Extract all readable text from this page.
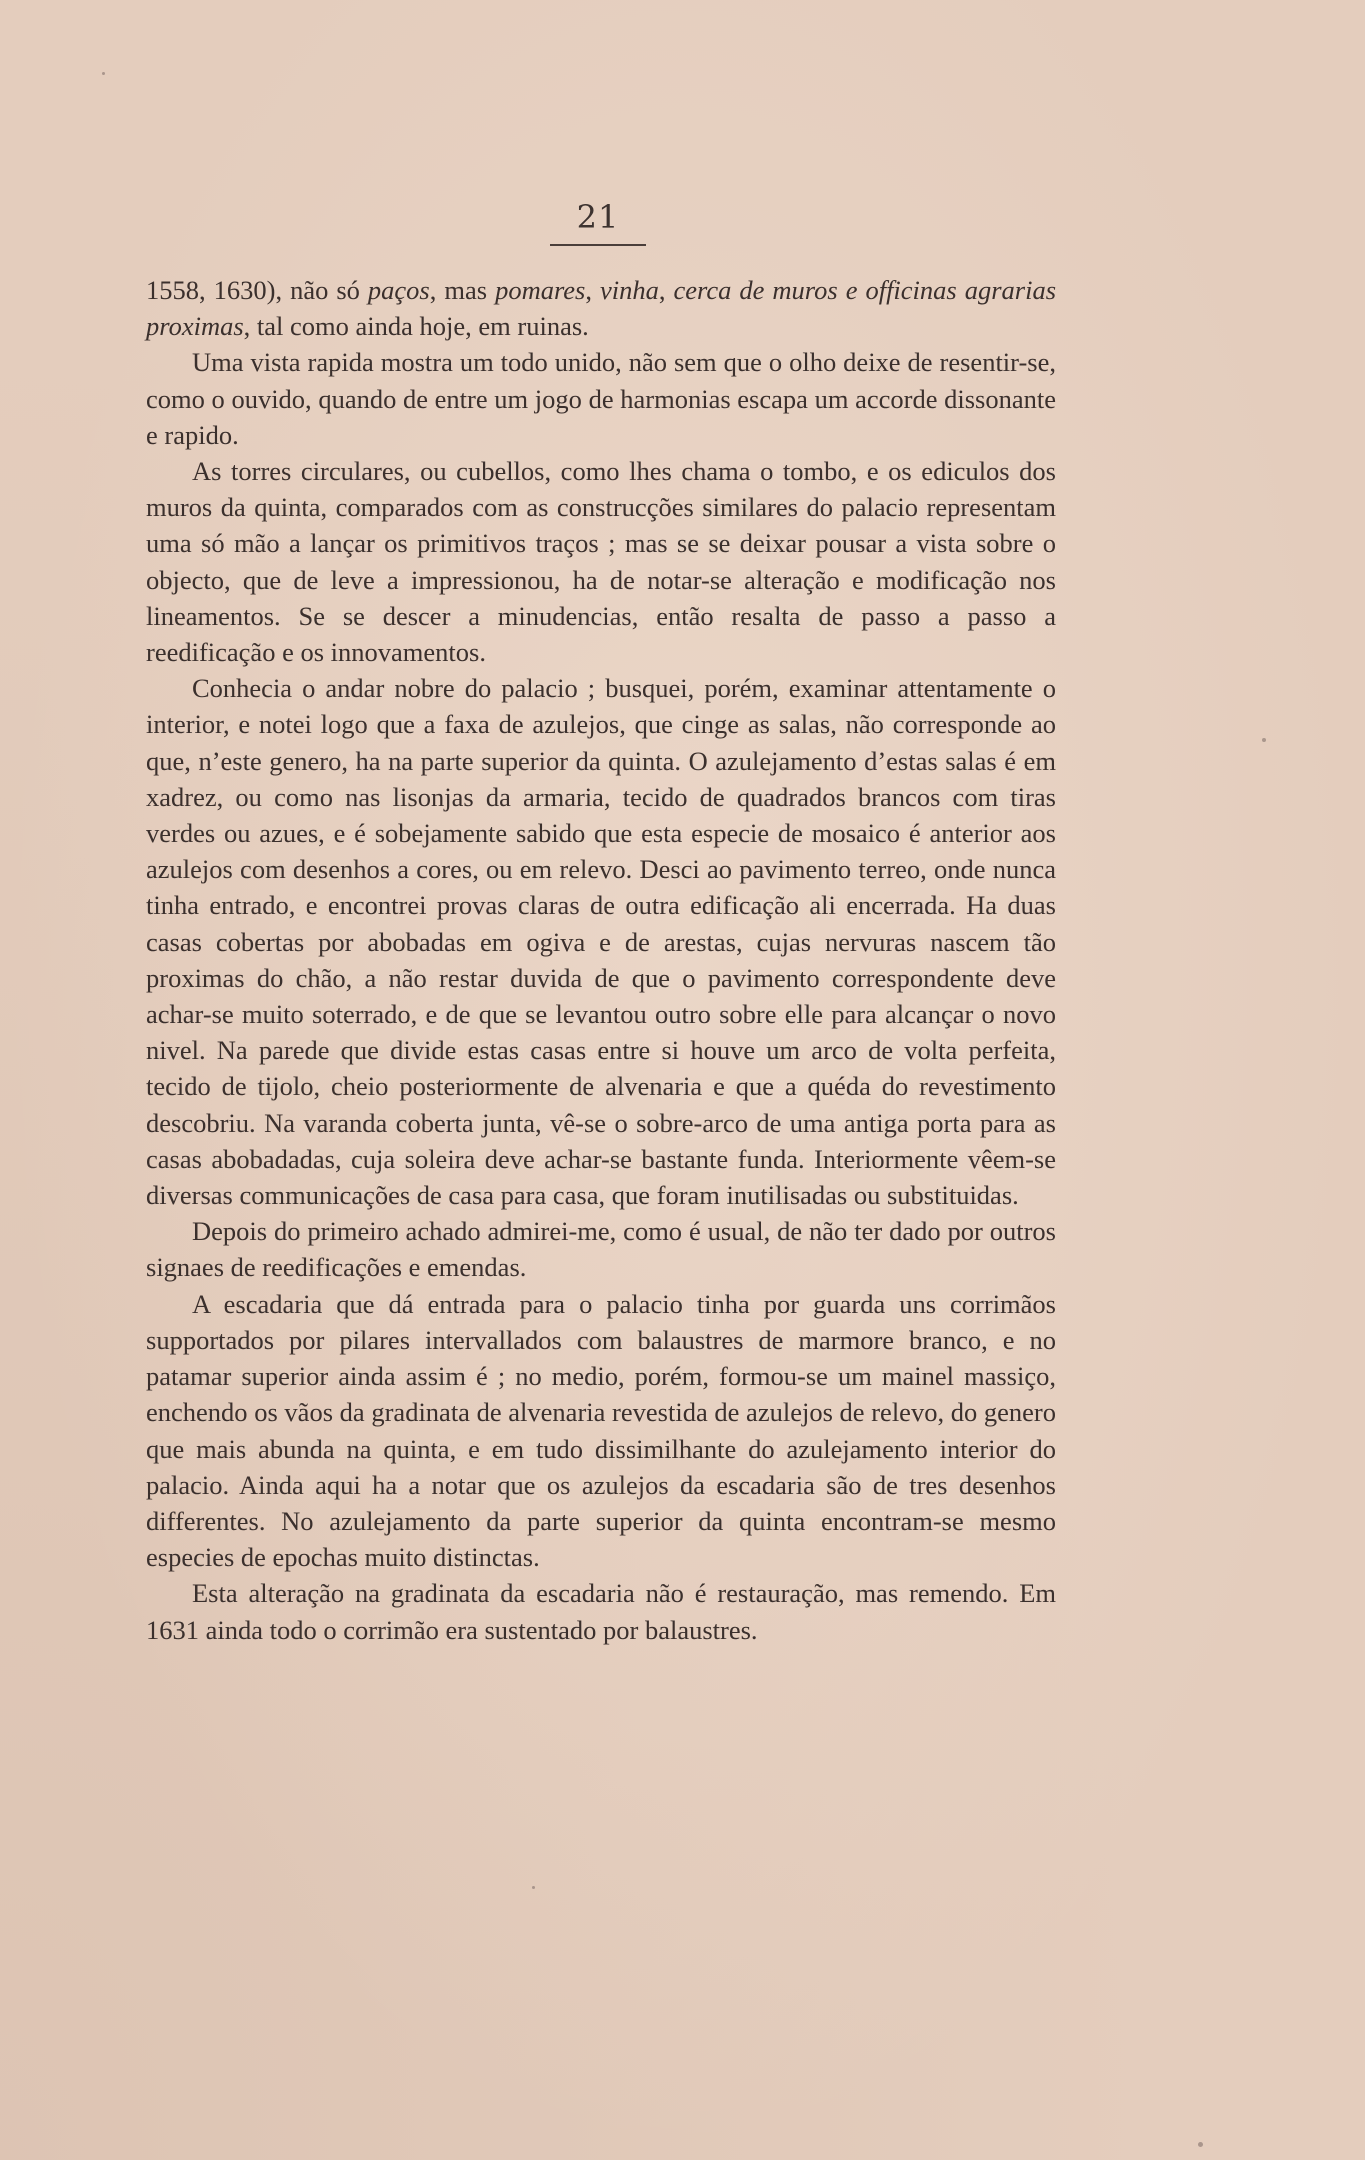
21

1558, 1630), não só paços, mas pomares, vinha, cerca de muros e officinas agrarias proximas, tal como ainda hoje, em ruinas.

Uma vista rapida mostra um todo unido, não sem que o olho deixe de resentir-se, como o ouvido, quando de entre um jogo de harmonias escapa um accorde dissonante e rapido.

As torres circulares, ou cubellos, como lhes chama o tombo, e os ediculos dos muros da quinta, comparados com as construcções similares do palacio representam uma só mão a lançar os primitivos traços ; mas se se deixar pousar a vista sobre o objecto, que de leve a impressionou, ha de notar-se alteração e modificação nos lineamentos. Se se descer a minudencias, então resalta de passo a passo a reedificação e os innovamentos.

Conhecia o andar nobre do palacio ; busquei, porém, examinar attentamente o interior, e notei logo que a faxa de azulejos, que cinge as salas, não corresponde ao que, n’este genero, ha na parte superior da quinta. O azulejamento d’estas salas é em xadrez, ou como nas lisonjas da armaria, tecido de quadrados brancos com tiras verdes ou azues, e é sobejamente sabido que esta especie de mosaico é anterior aos azulejos com desenhos a cores, ou em relevo. Desci ao pavimento terreo, onde nunca tinha entrado, e encontrei provas claras de outra edificação ali encerrada. Ha duas casas cobertas por abobadas em ogiva e de arestas, cujas nervuras nascem tão proximas do chão, a não restar duvida de que o pavimento correspondente deve achar-se muito soterrado, e de que se levantou outro sobre elle para alcançar o novo nivel. Na parede que divide estas casas entre si houve um arco de volta perfeita, tecido de tijolo, cheio posteriormente de alvenaria e que a quéda do revestimento descobriu. Na varanda coberta junta, vê-se o sobre-arco de uma antiga porta para as casas abobadadas, cuja soleira deve achar-se bastante funda. Interiormente vêem-se diversas communicações de casa para casa, que foram inutilisadas ou substituidas.

Depois do primeiro achado admirei-me, como é usual, de não ter dado por outros signaes de reedificações e emendas.

A escadaria que dá entrada para o palacio tinha por guarda uns corrimãos supportados por pilares intervallados com balaustres de marmore branco, e no patamar superior ainda assim é ; no medio, porém, formou-se um mainel massiço, enchendo os vãos da gradinata de alvenaria revestida de azulejos de relevo, do genero que mais abunda na quinta, e em tudo dissimilhante do azulejamento interior do palacio. Ainda aqui ha a notar que os azulejos da escadaria são de tres desenhos differentes. No azulejamento da parte superior da quinta encontram-se mesmo especies de epochas muito distinctas.

Esta alteração na gradinata da escadaria não é restauração, mas remendo. Em 1631 ainda todo o corrimão era sustentado por balaustres.
